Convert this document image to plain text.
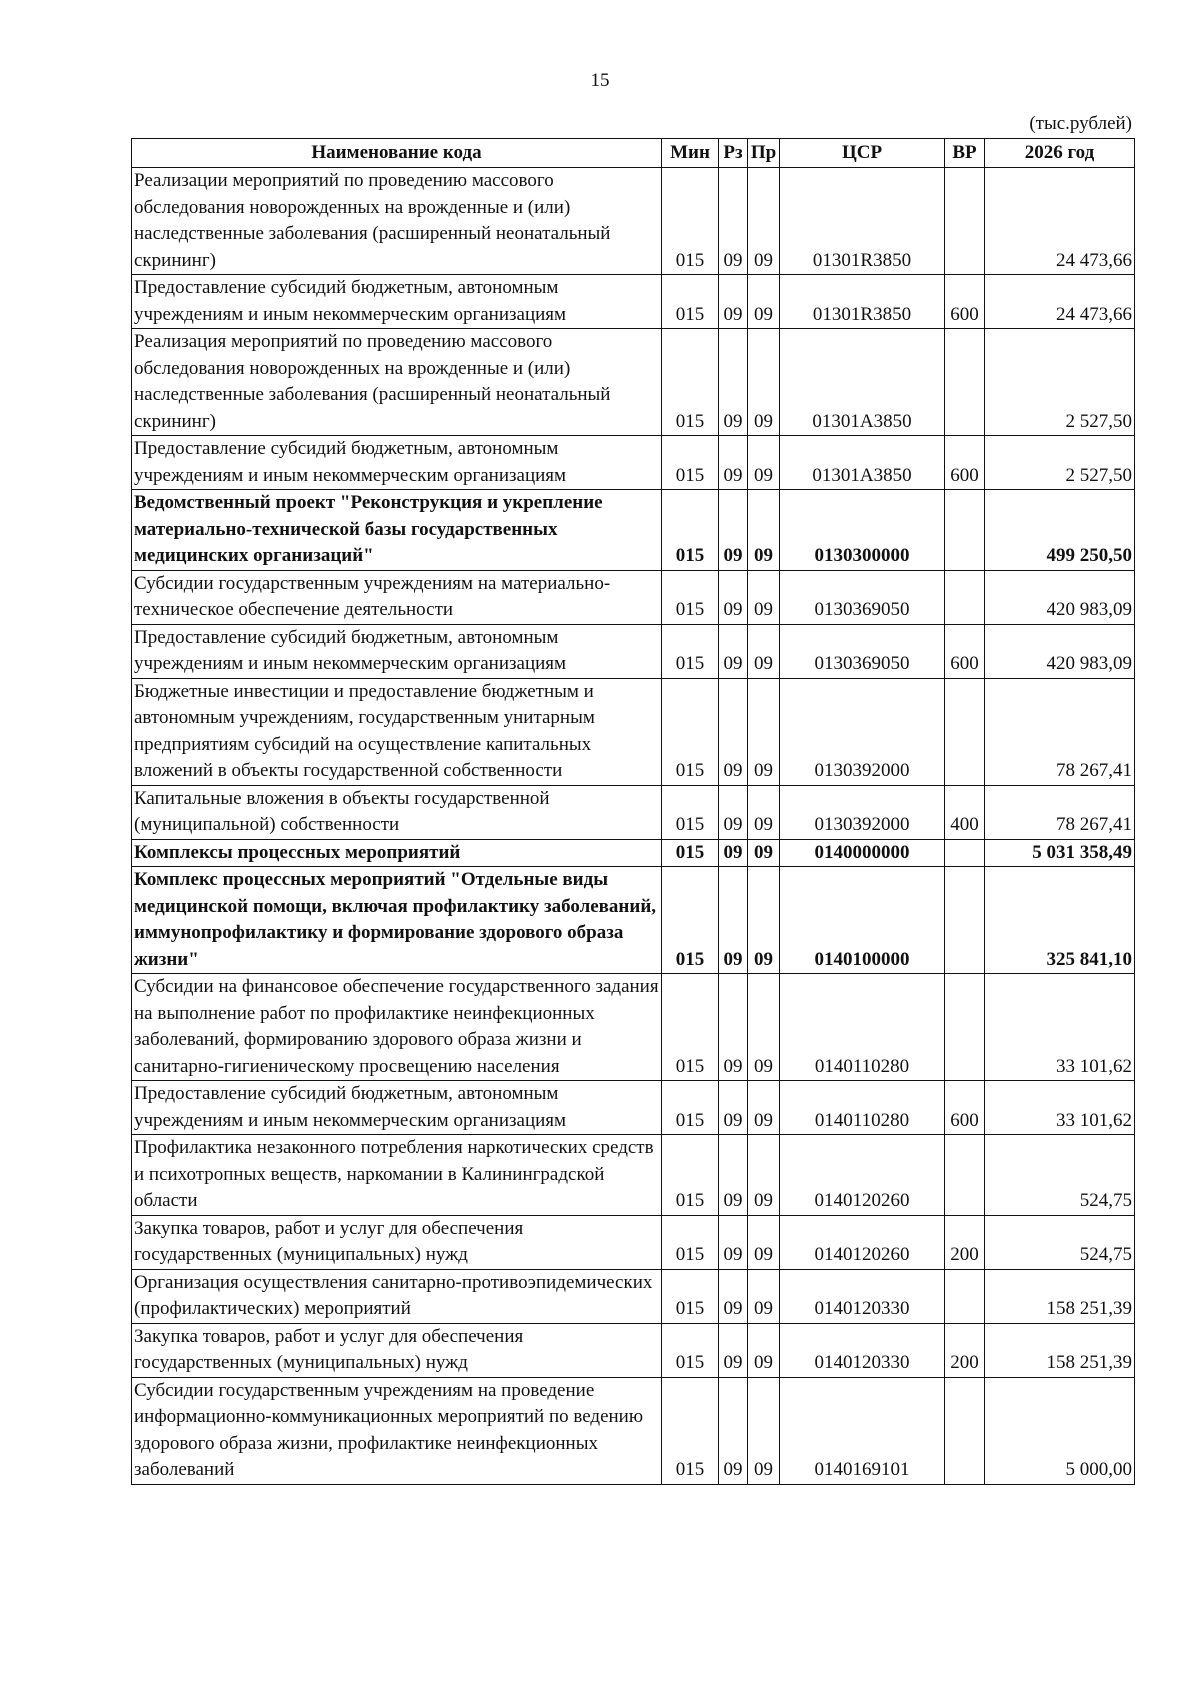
15
(тыс.рублей)
Наименование кода	Мин	Рз	Пр	ЦСР	ВР	2026 год
Реализации мероприятий по проведению массового обследования новорожденных на врожденные и (или) наследственные заболевания (расширенный неонатальный скрининг)	015	09	09	01301R3850		24 473,66
Предоставление субсидий бюджетным, автономным учреждениям и иным некоммерческим организациям	015	09	09	01301R3850	600	24 473,66
Реализация мероприятий по проведению массового обследования новорожденных на врожденные и (или) наследственные заболевания (расширенный неонатальный скрининг)	015	09	09	01301А3850		2 527,50
Предоставление субсидий бюджетным, автономным учреждениям и иным некоммерческим организациям	015	09	09	01301А3850	600	2 527,50
Ведомственный проект "Реконструкция и укрепление материально-технической базы государственных медицинских организаций"	015	09	09	0130300000		499 250,50
Субсидии государственным учреждениям на материально-техническое обеспечение деятельности	015	09	09	0130369050		420 983,09
Предоставление субсидий бюджетным, автономным учреждениям и иным некоммерческим организациям	015	09	09	0130369050	600	420 983,09
Бюджетные инвестиции и предоставление бюджетным и автономным учреждениям, государственным унитарным предприятиям субсидий на осуществление капитальных вложений в объекты государственной собственности	015	09	09	0130392000		78 267,41
Капитальные вложения в объекты государственной (муниципальной) собственности	015	09	09	0130392000	400	78 267,41
Комплексы процессных мероприятий	015	09	09	0140000000		5 031 358,49
Комплекс процессных мероприятий "Отдельные виды медицинской помощи, включая профилактику заболеваний, иммунопрофилактику и формирование здорового образа жизни"	015	09	09	0140100000		325 841,10
Субсидии на финансовое обеспечение государственного задания на выполнение работ по профилактике неинфекционных заболеваний, формированию здорового образа жизни и санитарно-гигиеническому просвещению населения	015	09	09	0140110280		33 101,62
Предоставление субсидий бюджетным, автономным учреждениям и иным некоммерческим организациям	015	09	09	0140110280	600	33 101,62
Профилактика незаконного потребления наркотических средств и психотропных веществ, наркомании в Калининградской области	015	09	09	0140120260		524,75
Закупка товаров, работ и услуг для обеспечения государственных (муниципальных) нужд	015	09	09	0140120260	200	524,75
Организация осуществления санитарно-противоэпидемических (профилактических) мероприятий	015	09	09	0140120330		158 251,39
Закупка товаров, работ и услуг для обеспечения государственных (муниципальных) нужд	015	09	09	0140120330	200	158 251,39
Субсидии государственным учреждениям на проведение информационно-коммуникационных мероприятий по ведению здорового образа жизни, профилактике неинфекционных заболеваний	015	09	09	0140169101		5 000,00
